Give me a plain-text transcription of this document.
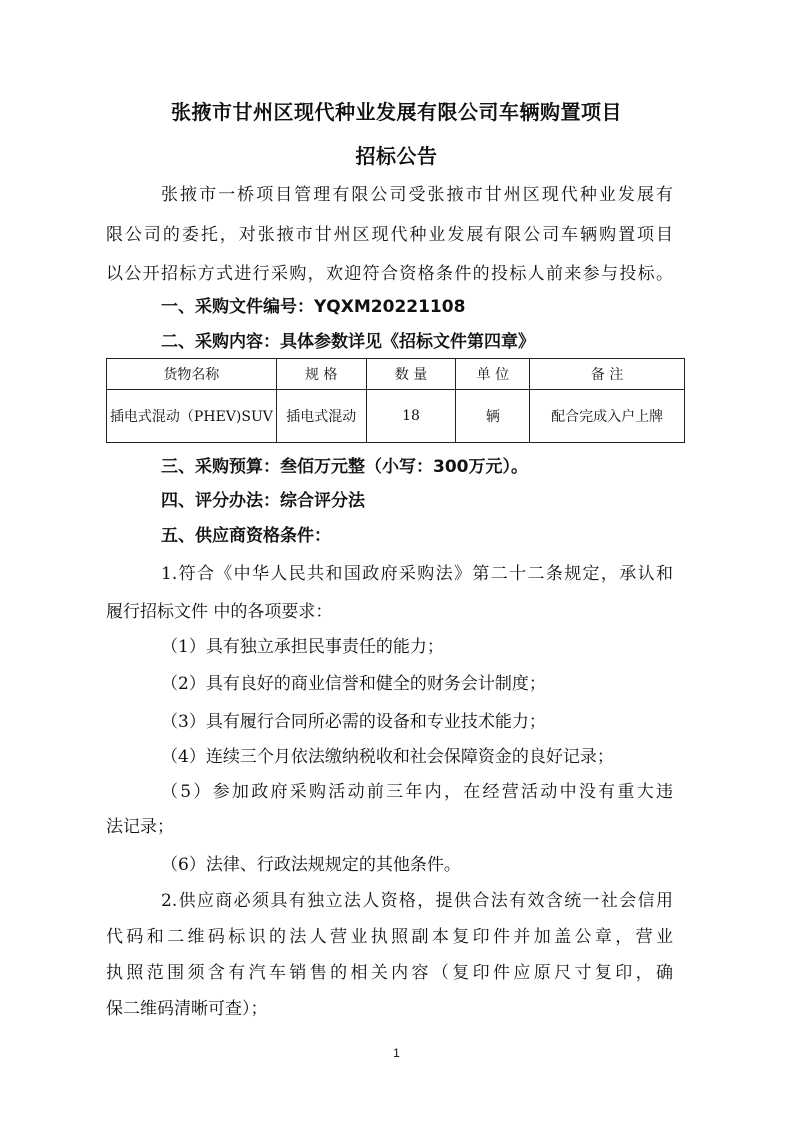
张掖市甘州区现代种业发展有限公司车辆购置项目
招标公告
张掖市一桥项目管理有限公司受张掖市甘州区现代种业发展有
限公司的委托，对张掖市甘州区现代种业发展有限公司车辆购置项目
以公开招标方式进行采购，欢迎符合资格条件的投标人前来参与投标。
一、采购文件编号：YQXM20221108
二、采购内容：具体参数详见《招标文件第四章》
货物名称	规 格	数 量	单 位	备 注
插电式混动（PHEV)SUV	插电式混动	18	辆	配合完成入户上牌
三、采购预算：叁佰万元整（小写：300万元）。
四、评分办法：综合评分法
五、供应商资格条件：
1.符合《中华人民共和国政府采购法》第二十二条规定，承认和
履行招标文件 中的各项要求：
（1）具有独立承担民事责任的能力；
（2）具有良好的商业信誉和健全的财务会计制度；
（3）具有履行合同所必需的设备和专业技术能力；
（4）连续三个月依法缴纳税收和社会保障资金的良好记录；
（5）参加政府采购活动前三年内，在经营活动中没有重大违
法记录；
（6）法律、行政法规规定的其他条件。
2.供应商必须具有独立法人资格，提供合法有效含统一社会信用
代码和二维码标识的法人营业执照副本复印件并加盖公章，营业
执照范围须含有汽车销售的相关内容（复印件应原尺寸复印，确
保二维码清晰可查）；
1
